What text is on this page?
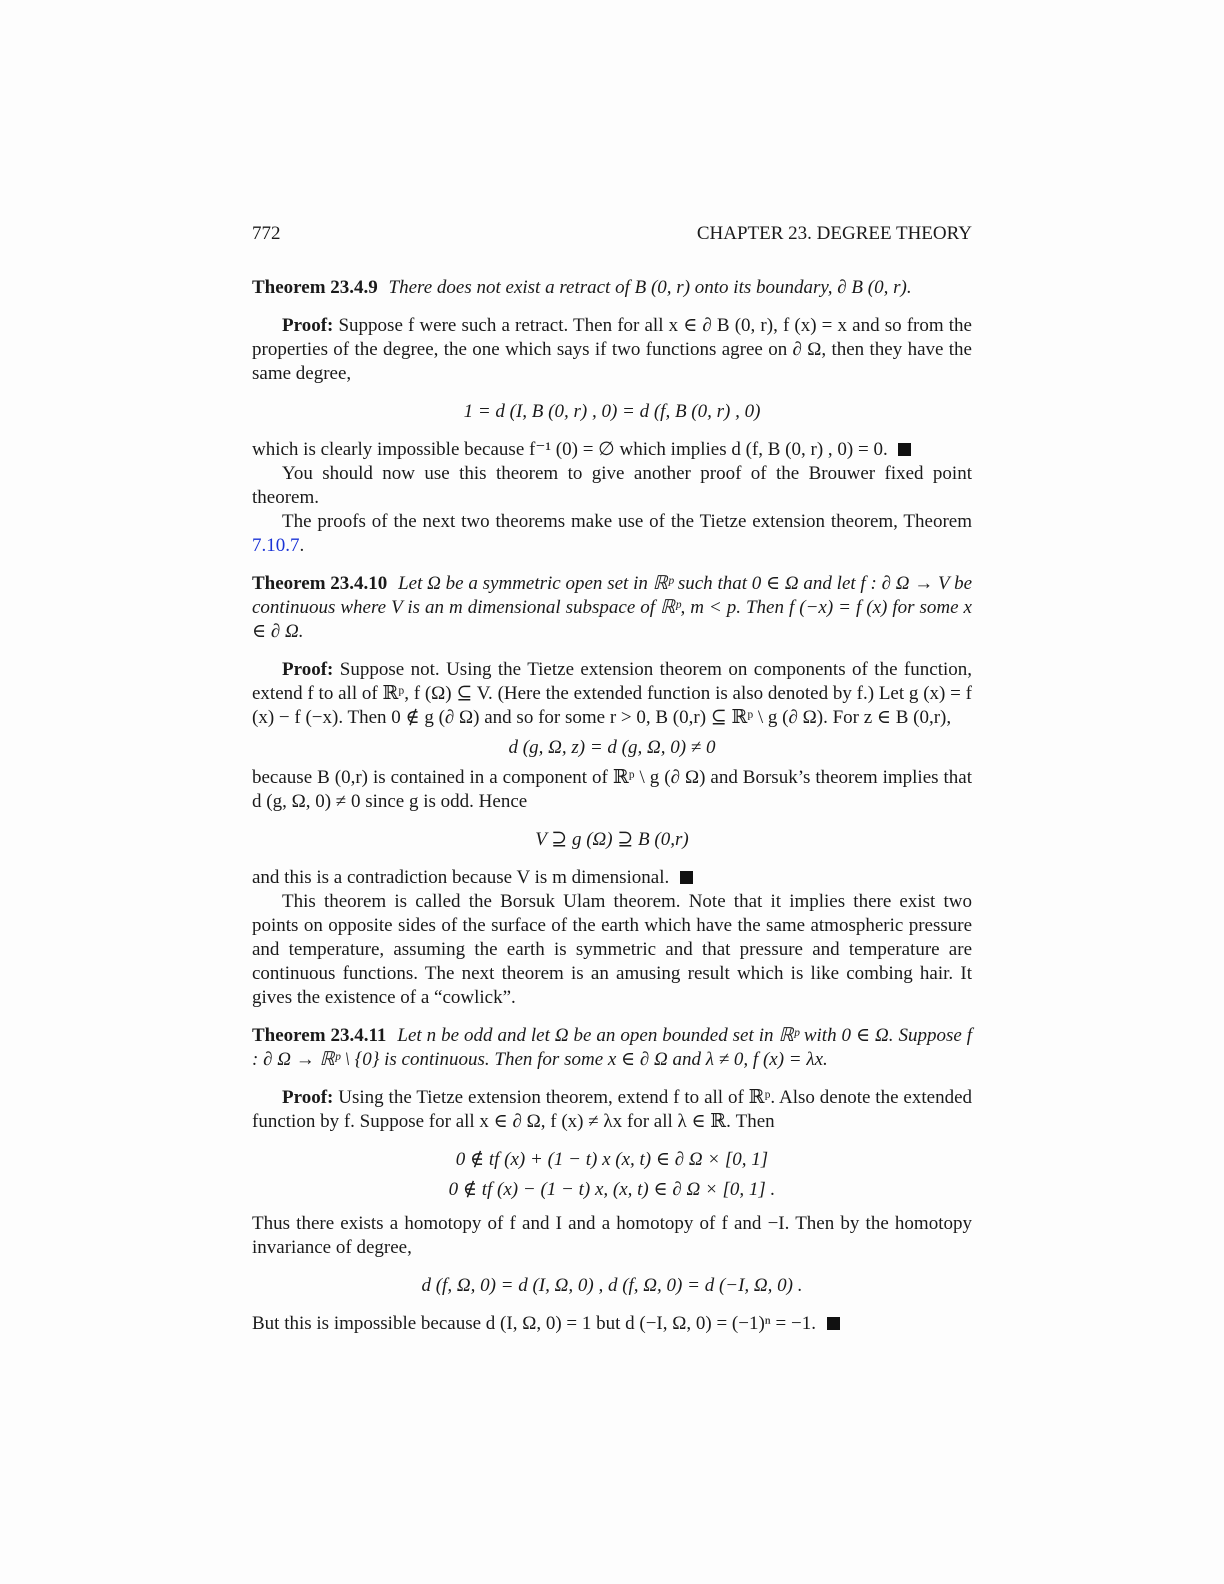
772	CHAPTER 23. DEGREE THEORY
Theorem 23.4.9 There does not exist a retract of B (0, r) onto its boundary, ∂ B (0, r).

Proof: Suppose f were such a retract. Then for all x ∈ ∂ B (0, r), f (x) = x and so from the properties of the degree, the one which says if two functions agree on ∂ Ω, then they have the same degree,

1 = d (I, B (0, r) , 0) = d (f, B (0, r) , 0)

which is clearly impossible because f⁻¹ (0) = ∅ which implies d (f, B (0, r) , 0) = 0.

You should now use this theorem to give another proof of the Brouwer fixed point theorem.

The proofs of the next two theorems make use of the Tietze extension theorem, Theorem 7.10.7.

Theorem 23.4.10 Let Ω be a symmetric open set in ℝᵖ such that 0 ∈ Ω and let f : ∂ Ω → V be continuous where V is an m dimensional subspace of ℝᵖ, m < p. Then f (−x) = f (x) for some x ∈ ∂ Ω.

Proof: Suppose not. Using the Tietze extension theorem on components of the function, extend f to all of ℝᵖ, f (Ω) ⊆ V. (Here the extended function is also denoted by f.) Let g (x) = f (x) − f (−x). Then 0 ∉ g (∂ Ω) and so for some r > 0, B (0,r) ⊆ ℝᵖ \ g (∂ Ω). For z ∈ B (0,r),

d (g, Ω, z) = d (g, Ω, 0) ≠ 0

because B (0,r) is contained in a component of ℝᵖ \ g (∂ Ω) and Borsuk’s theorem implies that d (g, Ω, 0) ≠ 0 since g is odd. Hence

V ⊇ g (Ω) ⊇ B (0,r)

and this is a contradiction because V is m dimensional.

This theorem is called the Borsuk Ulam theorem. Note that it implies there exist two points on opposite sides of the surface of the earth which have the same atmospheric pressure and temperature, assuming the earth is symmetric and that pressure and temperature are continuous functions. The next theorem is an amusing result which is like combing hair. It gives the existence of a “cowlick”.

Theorem 23.4.11 Let n be odd and let Ω be an open bounded set in ℝᵖ with 0 ∈ Ω. Suppose f : ∂ Ω → ℝᵖ \ {0} is continuous. Then for some x ∈ ∂ Ω and λ ≠ 0, f (x) = λx.

Proof: Using the Tietze extension theorem, extend f to all of ℝᵖ. Also denote the extended function by f. Suppose for all x ∈ ∂ Ω, f (x) ≠ λx for all λ ∈ ℝ. Then

0 ∉ tf (x) + (1 − t) x (x, t) ∈ ∂ Ω × [0, 1]
0 ∉ tf (x) − (1 − t) x, (x, t) ∈ ∂ Ω × [0, 1] .

Thus there exists a homotopy of f and I and a homotopy of f and −I. Then by the homotopy invariance of degree,

d (f, Ω, 0) = d (I, Ω, 0) , d (f, Ω, 0) = d (−I, Ω, 0) .

But this is impossible because d (I, Ω, 0) = 1 but d (−I, Ω, 0) = (−1)ⁿ = −1.
